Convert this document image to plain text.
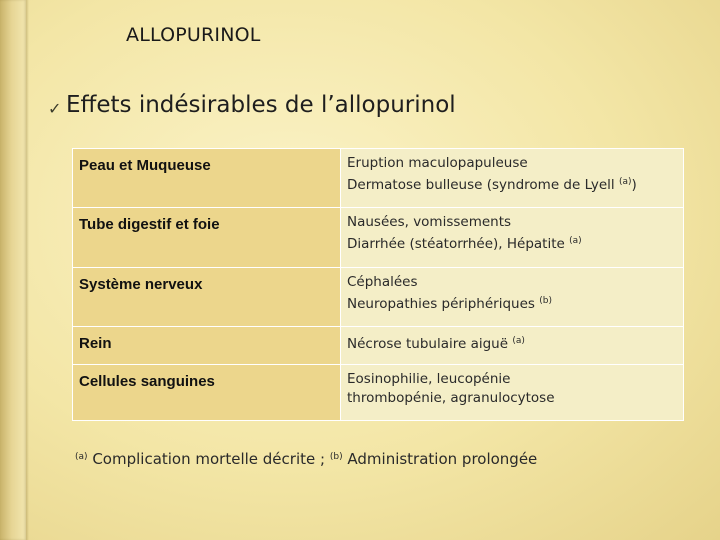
ALLOPURINOL
✓ Effets indésirables de l’allopurinol
Peau et Muqueuse	Eruption maculopapuleuse
Dermatose bulleuse (syndrome de Lyell $^{(a)}$)

Tube digestif et foie	Nausées, vomissements
Diarrhée (stéatorrhée), Hépatite $^{(a)}$

Système nerveux	Céphalées
Neuropathies périphériques $^{(b)}$

Rein	Nécrose tubulaire aiguë $^{(a)}$

Cellules sanguines	Eosinophilie, leucopénie
thrombopénie, agranulocytose
$^{(a)}$ Complication mortelle décrite ; $^{(b)}$ Administration prolongée
